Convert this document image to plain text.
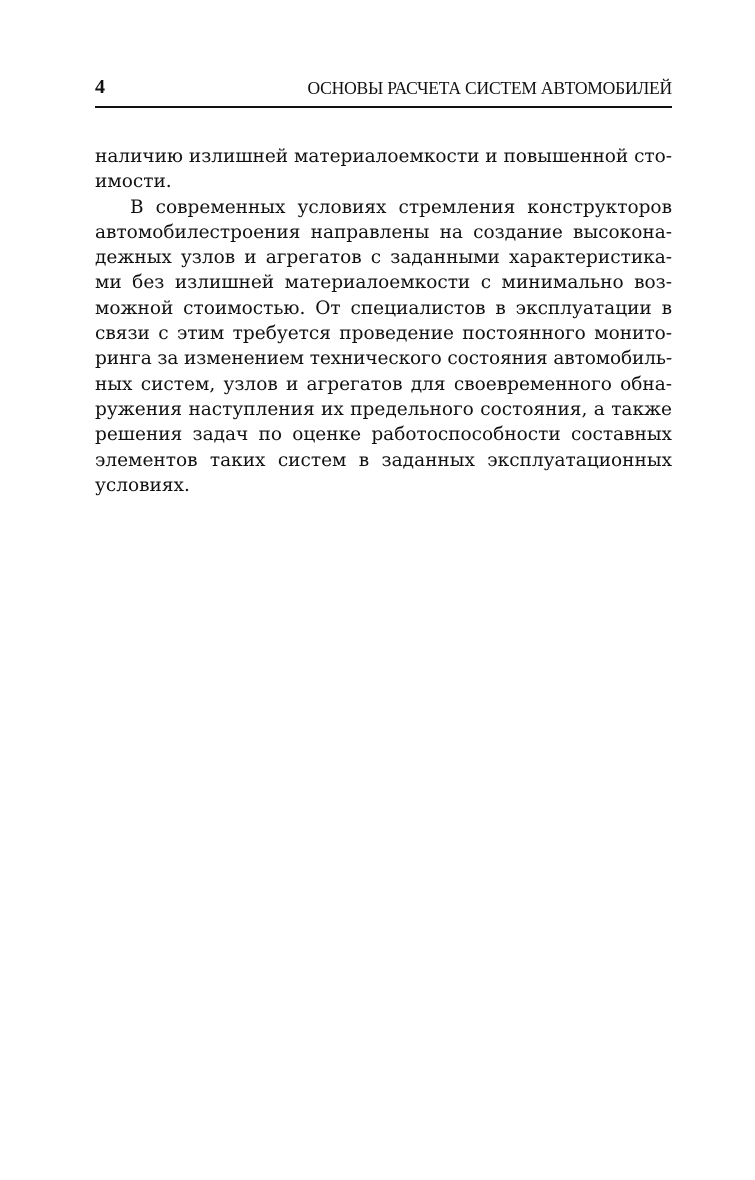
4	ОСНОВЫ РАСЧЕТА СИСТЕМ АВТОМОБИЛЕЙ
наличию излишней материалоемкости и повышенной сто-
имости.
В современных условиях стремления конструкторов
автомобилестроения направлены на создание высокона-
дежных узлов и агрегатов с заданными характеристика-
ми без излишней материалоемкости с минимально воз-
можной стоимостью. От специалистов в эксплуатации в
связи с этим требуется проведение постоянного монито-
ринга за изменением технического состояния автомобиль-
ных систем, узлов и агрегатов для своевременного обна-
ружения наступления их предельного состояния, а также
решения задач по оценке работоспособности составных
элементов таких систем в заданных эксплуатационных
условиях.
